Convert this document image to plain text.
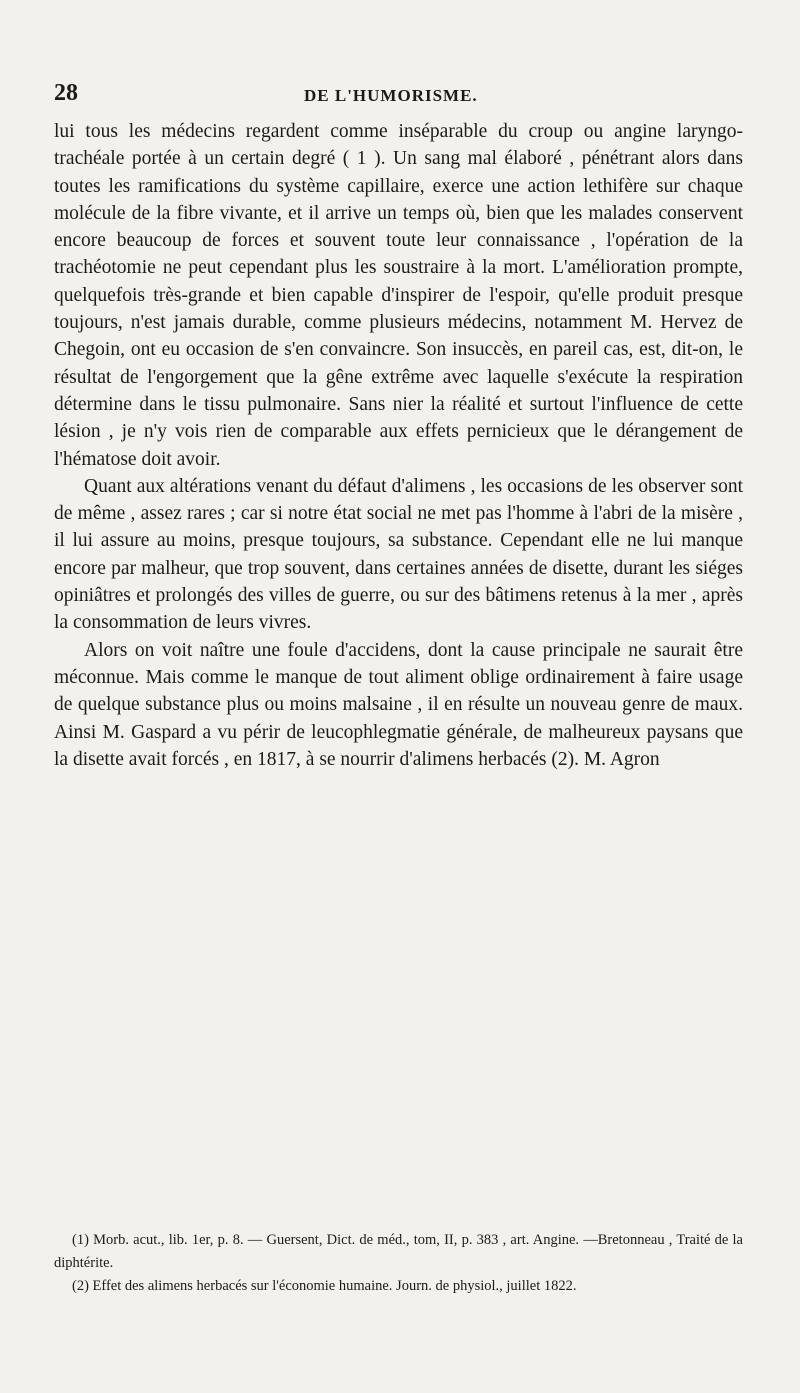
28	DE L'HUMORISME.

lui tous les médecins regardent comme inséparable du croup ou angine laryngo-trachéale portée à un certain degré ( 1 ). Un sang mal élaboré , pénétrant alors dans toutes les ramifications du système capillaire, exerce une action lethifère sur chaque molécule de la fibre vivante, et il arrive un temps où, bien que les malades conservent encore beaucoup de forces et souvent toute leur connaissance , l'opération de la trachéotomie ne peut cependant plus les soustraire à la mort. L'amélioration prompte, quelquefois très-grande et bien capable d'inspirer de l'espoir, qu'elle produit presque toujours, n'est jamais durable, comme plusieurs médecins, notamment M. Hervez de Chegoin, ont eu occasion de s'en convaincre. Son insuccès, en pareil cas, est, dit-on, le résultat de l'engorgement que la gêne extrême avec laquelle s'exécute la respiration détermine dans le tissu pulmonaire. Sans nier la réalité et surtout l'influence de cette lésion , je n'y vois rien de comparable aux effets pernicieux que le dérangement de l'hématose doit avoir.

Quant aux altérations venant du défaut d'alimens , les occasions de les observer sont de même , assez rares ; car si notre état social ne met pas l'homme à l'abri de la misère , il lui assure au moins, presque toujours, sa substance. Cependant elle ne lui manque encore par malheur, que trop souvent, dans certaines années de disette, durant les siéges opiniâtres et prolongés des villes de guerre, ou sur des bâtimens retenus à la mer , après la consommation de leurs vivres.

Alors on voit naître une foule d'accidens, dont la cause principale ne saurait être méconnue. Mais comme le manque de tout aliment oblige ordinairement à faire usage de quelque substance plus ou moins malsaine , il en résulte un nouveau genre de maux. Ainsi M. Gaspard a vu périr de leucophlegmatie générale, de malheureux paysans que la disette avait forcés , en 1817, à se nourrir d'alimens herbacés (2). M. Agron

(1) Morb. acut., lib. 1er, p. 8. — Guersent, Dict. de méd., tom, II, p. 383 , art. Angine. —Bretonneau , Traité de la diphtérite.

(2) Effet des alimens herbacés sur l'économie humaine. Journ. de physiol., juillet 1822.
